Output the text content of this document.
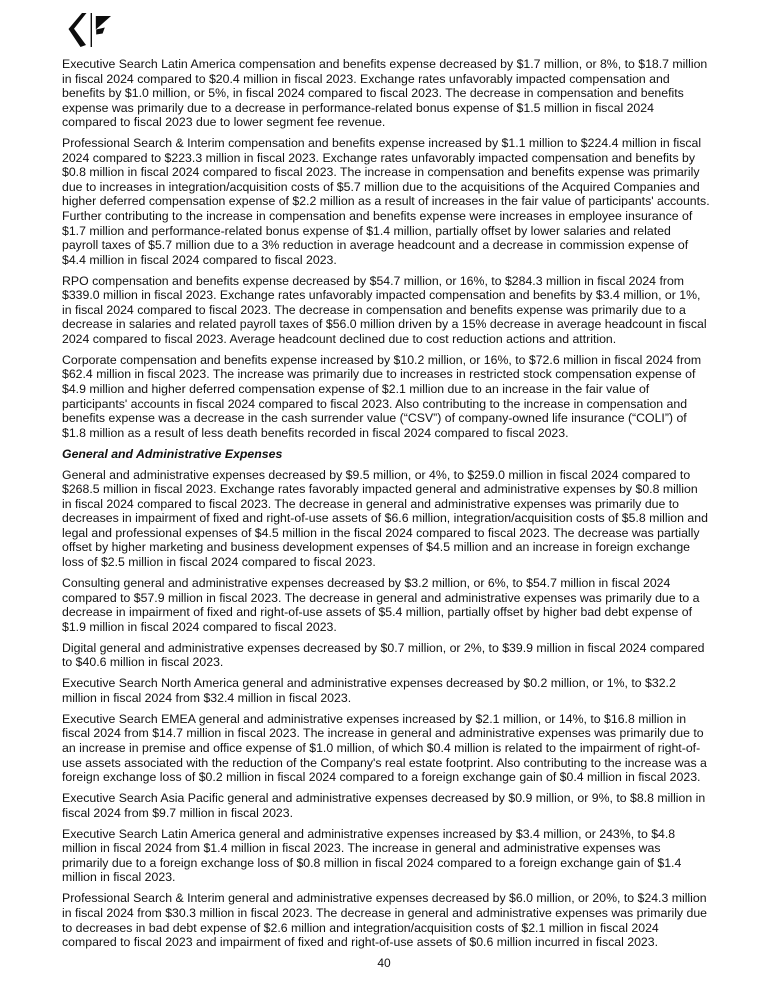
Executive Search Latin America compensation and benefits expense decreased by $1.7 million, or 8%, to $18.7 million in fiscal 2024 compared to $20.4 million in fiscal 2023. Exchange rates unfavorably impacted compensation and benefits by $1.0 million, or 5%, in fiscal 2024 compared to fiscal 2023. The decrease in compensation and benefits expense was primarily due to a decrease in performance-related bonus expense of $1.5 million in fiscal 2024 compared to fiscal 2023 due to lower segment fee revenue.

Professional Search & Interim compensation and benefits expense increased by $1.1 million to $224.4 million in fiscal 2024 compared to $223.3 million in fiscal 2023. Exchange rates unfavorably impacted compensation and benefits by $0.8 million in fiscal 2024 compared to fiscal 2023. The increase in compensation and benefits expense was primarily due to increases in integration/acquisition costs of $5.7 million due to the acquisitions of the Acquired Companies and higher deferred compensation expense of $2.2 million as a result of increases in the fair value of participants' accounts. Further contributing to the increase in compensation and benefits expense were increases in employee insurance of $1.7 million and performance-related bonus expense of $1.4 million, partially offset by lower salaries and related payroll taxes of $5.7 million due to a 3% reduction in average headcount and a decrease in commission expense of $4.4 million in fiscal 2024 compared to fiscal 2023.

RPO compensation and benefits expense decreased by $54.7 million, or 16%, to $284.3 million in fiscal 2024 from $339.0 million in fiscal 2023. Exchange rates unfavorably impacted compensation and benefits by $3.4 million, or 1%, in fiscal 2024 compared to fiscal 2023. The decrease in compensation and benefits expense was primarily due to a decrease in salaries and related payroll taxes of $56.0 million driven by a 15% decrease in average headcount in fiscal 2024 compared to fiscal 2023. Average headcount declined due to cost reduction actions and attrition.

Corporate compensation and benefits expense increased by $10.2 million, or 16%, to $72.6 million in fiscal 2024 from $62.4 million in fiscal 2023. The increase was primarily due to increases in restricted stock compensation expense of $4.9 million and higher deferred compensation expense of $2.1 million due to an increase in the fair value of participants' accounts in fiscal 2024 compared to fiscal 2023. Also contributing to the increase in compensation and benefits expense was a decrease in the cash surrender value (“CSV”) of company-owned life insurance (“COLI”) of $1.8 million as a result of less death benefits recorded in fiscal 2024 compared to fiscal 2023.

General and Administrative Expenses

General and administrative expenses decreased by $9.5 million, or 4%, to $259.0 million in fiscal 2024 compared to $268.5 million in fiscal 2023. Exchange rates favorably impacted general and administrative expenses by $0.8 million in fiscal 2024 compared to fiscal 2023. The decrease in general and administrative expenses was primarily due to decreases in impairment of fixed and right-of-use assets of $6.6 million, integration/acquisition costs of $5.8 million and legal and professional expenses of $4.5 million in the fiscal 2024 compared to fiscal 2023. The decrease was partially offset by higher marketing and business development expenses of $4.5 million and an increase in foreign exchange loss of $2.5 million in fiscal 2024 compared to fiscal 2023.

Consulting general and administrative expenses decreased by $3.2 million, or 6%, to $54.7 million in fiscal 2024 compared to $57.9 million in fiscal 2023. The decrease in general and administrative expenses was primarily due to a decrease in impairment of fixed and right-of-use assets of $5.4 million, partially offset by higher bad debt expense of $1.9 million in fiscal 2024 compared to fiscal 2023.

Digital general and administrative expenses decreased by $0.7 million, or 2%, to $39.9 million in fiscal 2024 compared to $40.6 million in fiscal 2023.

Executive Search North America general and administrative expenses decreased by $0.2 million, or 1%, to $32.2 million in fiscal 2024 from $32.4 million in fiscal 2023.

Executive Search EMEA general and administrative expenses increased by $2.1 million, or 14%, to $16.8 million in fiscal 2024 from $14.7 million in fiscal 2023. The increase in general and administrative expenses was primarily due to an increase in premise and office expense of $1.0 million, of which $0.4 million is related to the impairment of right-of-use assets associated with the reduction of the Company's real estate footprint. Also contributing to the increase was a foreign exchange loss of $0.2 million in fiscal 2024 compared to a foreign exchange gain of $0.4 million in fiscal 2023.

Executive Search Asia Pacific general and administrative expenses decreased by $0.9 million, or 9%, to $8.8 million in fiscal 2024 from $9.7 million in fiscal 2023.

Executive Search Latin America general and administrative expenses increased by $3.4 million, or 243%, to $4.8 million in fiscal 2024 from $1.4 million in fiscal 2023. The increase in general and administrative expenses was primarily due to a foreign exchange loss of $0.8 million in fiscal 2024 compared to a foreign exchange gain of $1.4 million in fiscal 2023.

Professional Search & Interim general and administrative expenses decreased by $6.0 million, or 20%, to $24.3 million in fiscal 2024 from $30.3 million in fiscal 2023. The decrease in general and administrative expenses was primarily due to decreases in bad debt expense of $2.6 million and integration/acquisition costs of $2.1 million in fiscal 2024 compared to fiscal 2023 and impairment of fixed and right-of-use assets of $0.6 million incurred in fiscal 2023.

40
